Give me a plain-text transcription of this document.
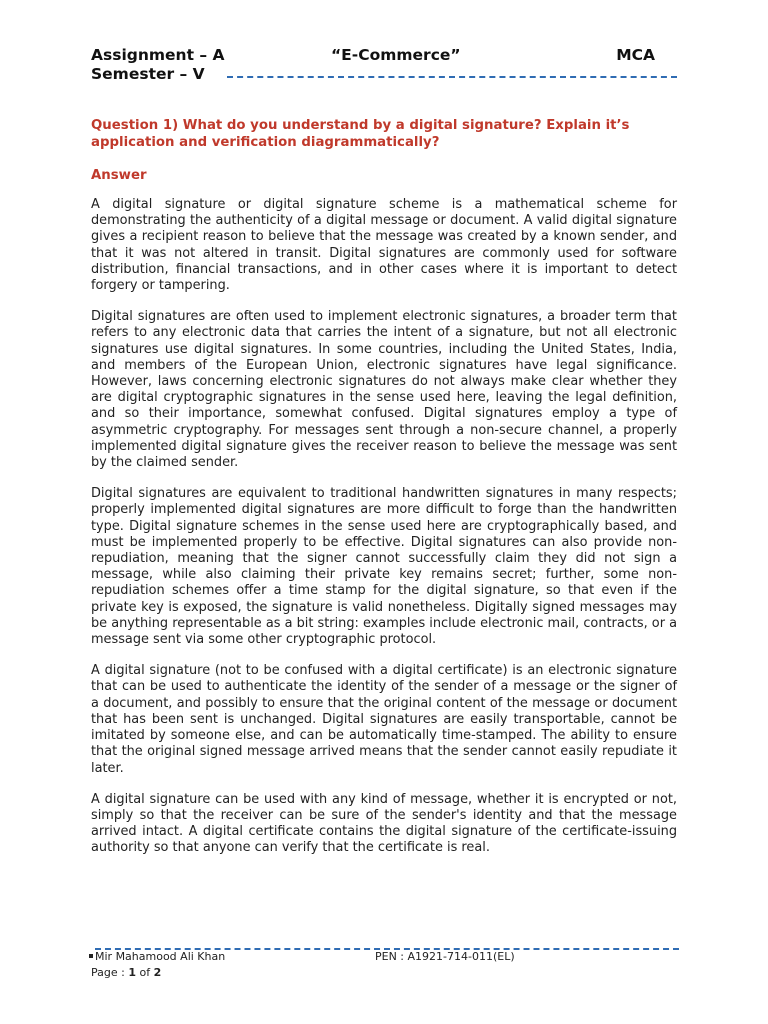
Assignment – A	“E-Commerce”	MCA
Semester – V
Question 1) What do you understand by a digital signature? Explain it’s application and verification diagrammatically?
Answer

A digital signature or digital signature scheme is a mathematical scheme for demonstrating the authenticity of a digital message or document. A valid digital signature gives a recipient reason to believe that the message was created by a known sender, and that it was not altered in transit. Digital signatures are commonly used for software distribution, financial transactions, and in other cases where it is important to detect forgery or tampering.

Digital signatures are often used to implement electronic signatures, a broader term that refers to any electronic data that carries the intent of a signature, but not all electronic signatures use digital signatures. In some countries, including the United States, India, and members of the European Union, electronic signatures have legal significance. However, laws concerning electronic signatures do not always make clear whether they are digital cryptographic signatures in the sense used here, leaving the legal definition, and so their importance, somewhat confused. Digital signatures employ a type of asymmetric cryptography. For messages sent through a non-secure channel, a properly implemented digital signature gives the receiver reason to believe the message was sent by the claimed sender.

Digital signatures are equivalent to traditional handwritten signatures in many respects; properly implemented digital signatures are more difficult to forge than the handwritten type. Digital signature schemes in the sense used here are cryptographically based, and must be implemented properly to be effective. Digital signatures can also provide non-repudiation, meaning that the signer cannot successfully claim they did not sign a message, while also claiming their private key remains secret; further, some non-repudiation schemes offer a time stamp for the digital signature, so that even if the private key is exposed, the signature is valid nonetheless. Digitally signed messages may be anything representable as a bit string: examples include electronic mail, contracts, or a message sent via some other cryptographic protocol.

A digital signature (not to be confused with a digital certificate) is an electronic signature that can be used to authenticate the identity of the sender of a message or the signer of a document, and possibly to ensure that the original content of the message or document that has been sent is unchanged. Digital signatures are easily transportable, cannot be imitated by someone else, and can be automatically time-stamped. The ability to ensure that the original signed message arrived means that the sender cannot easily repudiate it later.

A digital signature can be used with any kind of message, whether it is encrypted or not, simply so that the receiver can be sure of the sender's identity and that the message arrived intact. A digital certificate contains the digital signature of the certificate-issuing authority so that anyone can verify that the certificate is real.

Mir Mahamood Ali Khan	PEN : A1921-714-011(EL)
Page : 1 of 2
